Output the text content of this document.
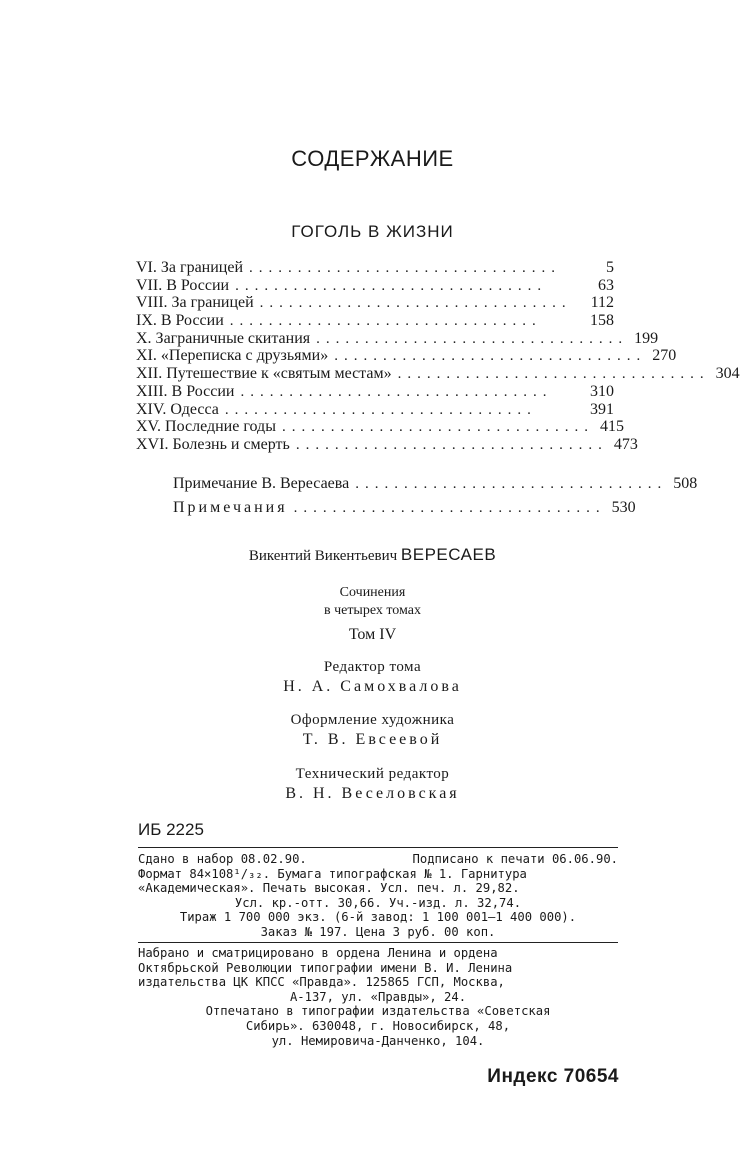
СОДЕРЖАНИЕ
ГОГОЛЬ В ЖИЗНИ
VI. За границей ................................	5
VII. В России ................................	63
VIII. За границей ................................	112
IX. В России ................................	158
X. Заграничные скитания ................................ 199
XI. «Переписка с друзьями» ................................ 270
XII. Путешествие к «святым местам» ................................ 304
XIII. В России ................................	310
XIV. Одесса ................................	391
XV. Последние годы ................................ 415
XVI. Болезнь и смерть ................................ 473
Примечание В. Вересаева ................................ 508
Примечания ................................ 530
Викентий Викентьевич ВЕРЕСАЕВ
Сочинения
в четырех томах
Том IV
Редактор тома
Н. А. Самохвалова
Оформление художника
Т. В. Евсеевой
Технический редактор
В. Н. Веселовская
ИБ 2225
Сдано в набор 08.02.90.	Подписано к печати 06.06.90.
Формат 84×108¹/₃₂. Бумага типографская № 1. Гарнитура
«Академическая». Печать высокая. Усл. печ. л. 29,82.
Усл. кр.-отт. 30,66. Уч.-изд. л. 32,74.
Тираж 1 700 000 экз. (6-й завод: 1 100 001—1 400 000).
Заказ № 197. Цена 3 руб. 00 коп.
Набрано и сматрицировано в ордена Ленина и ордена
Октябрьской Революции типографии имени В. И. Ленина
издательства ЦК КПСС «Правда». 125865 ГСП, Москва,
А-137, ул. «Правды», 24.
Отпечатано в типографии издательства «Советская
Сибирь». 630048, г. Новосибирск, 48,
ул. Немировича-Данченко, 104.
Индекс 70654
